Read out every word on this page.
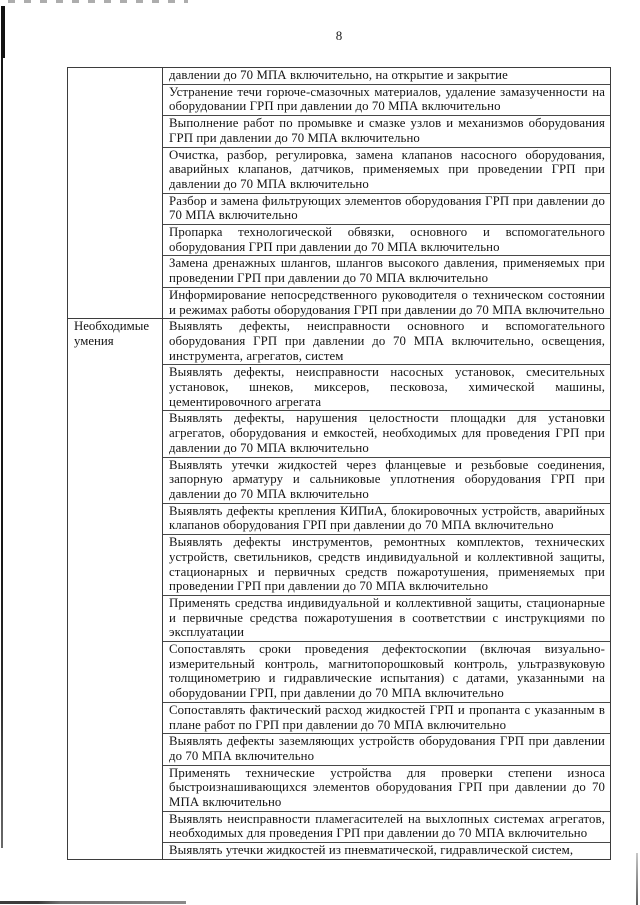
8
давлении до 70 МПА включительно, на открытие и закрытие
Устранение течи горюче-смазочных материалов, удаление замазученности на оборудовании ГРП при давлении до 70 МПА включительно
Выполнение работ по промывке и смазке узлов и механизмов оборудования ГРП при давлении до 70 МПА включительно
Очистка, разбор, регулировка, замена клапанов насосного оборудования, аварийных клапанов, датчиков, применяемых при проведении ГРП при давлении до 70 МПА включительно
Разбор и замена фильтрующих элементов оборудования ГРП при давлении до 70 МПА включительно
Пропарка технологической обвязки, основного и вспомогательного оборудования ГРП при давлении до 70 МПА включительно
Замена дренажных шлангов, шлангов высокого давления, применяемых при проведении ГРП при давлении до 70 МПА включительно
Информирование непосредственного руководителя о техническом состоянии и режимах работы оборудования ГРП при давлении до 70 МПА включительно
Необходимые умения
Выявлять дефекты, неисправности основного и вспомогательного оборудования ГРП при давлении до 70 МПА включительно, освещения, инструмента, агрегатов, систем
Выявлять дефекты, неисправности насосных установок, смесительных установок, шнеков, миксеров, песковоза, химической машины, цементировочного агрегата
Выявлять дефекты, нарушения целостности площадки для установки агрегатов, оборудования и емкостей, необходимых для проведения ГРП при давлении до 70 МПА включительно
Выявлять утечки жидкостей через фланцевые и резьбовые соединения, запорную арматуру и сальниковые уплотнения оборудования ГРП при давлении до 70 МПА включительно
Выявлять дефекты крепления КИПиА, блокировочных устройств, аварийных клапанов оборудования ГРП при давлении до 70 МПА включительно
Выявлять дефекты инструментов, ремонтных комплектов, технических устройств, светильников, средств индивидуальной и коллективной защиты, стационарных и первичных средств пожаротушения, применяемых при проведении ГРП при давлении до 70 МПА включительно
Применять средства индивидуальной и коллективной защиты, стационарные и первичные средства пожаротушения в соответствии с инструкциями по эксплуатации
Сопоставлять сроки проведения дефектоскопии (включая визуально-измерительный контроль, магнитопорошковый контроль, ультразвуковую толщинометрию и гидравлические испытания) с датами, указанными на оборудовании ГРП, при давлении до 70 МПА включительно
Сопоставлять фактический расход жидкостей ГРП и пропанта с указанным в плане работ по ГРП при давлении до 70 МПА включительно
Выявлять дефекты заземляющих устройств оборудования ГРП при давлении до 70 МПА включительно
Применять технические устройства для проверки степени износа быстроизнашивающихся элементов оборудования ГРП при давлении до 70 МПА включительно
Выявлять неисправности пламегасителей на выхлопных системах агрегатов, необходимых для проведения ГРП при давлении до 70 МПА включительно
Выявлять утечки жидкостей из пневматической, гидравлической систем,
